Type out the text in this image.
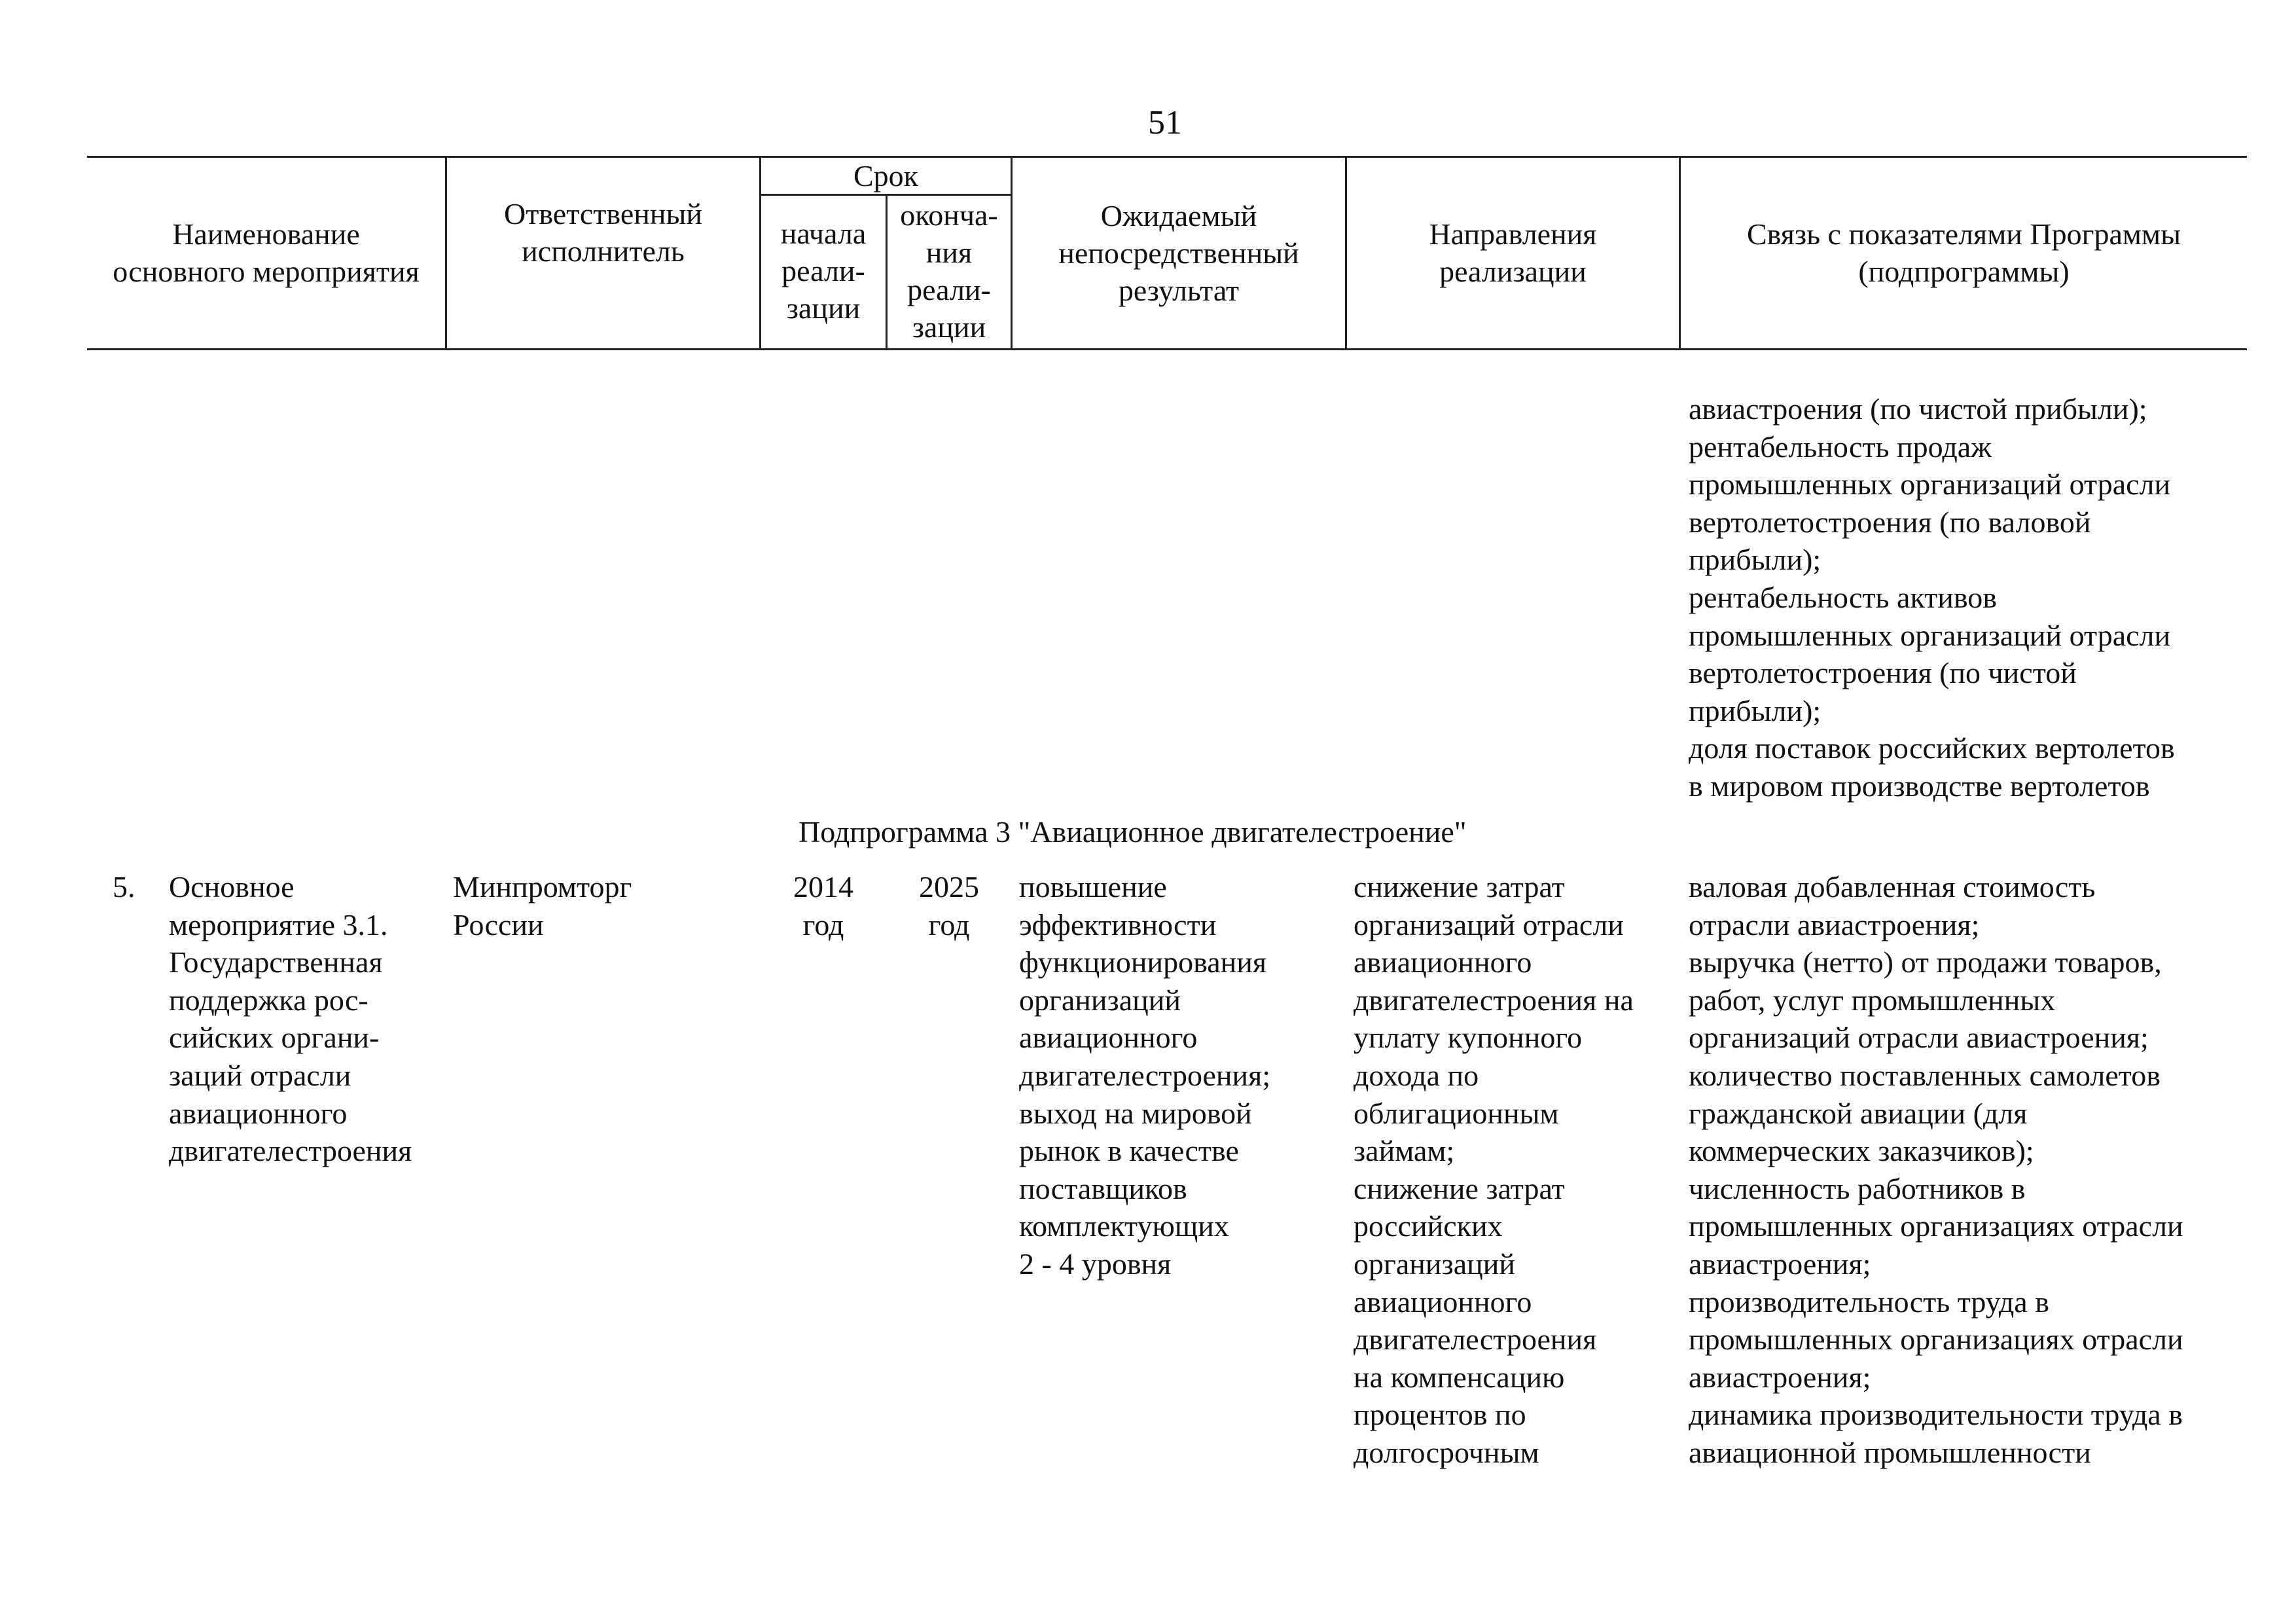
51
Наименование
основного мероприятия
Ответственный
исполнитель
Срок
начала
реали-
зации
оконча-
ния
реали-
зации
Ожидаемый
непосредственный
результат
Направления
реализации
Связь с показателями Программы
(подпрограммы)
авиастроения (по чистой прибыли);
рентабельность продаж
промышленных организаций отрасли
вертолетостроения (по валовой
прибыли);
рентабельность активов
промышленных организаций отрасли
вертолетостроения (по чистой
прибыли);
доля поставок российских вертолетов
в мировом производстве вертолетов
Подпрограмма 3 "Авиационное двигателестроение"
5. Основное
мероприятие 3.1.
Государственная
поддержка рос-
сийских органи-
заций отрасли
авиационного
двигателестроения
Минпромторг
России
2014
год
2025
год
повышение
эффективности
функционирования
организаций
авиационного
двигателестроения;
выход на мировой
рынок в качестве
поставщиков
комплектующих
2 - 4 уровня
снижение затрат
организаций отрасли
авиационного
двигателестроения на
уплату купонного
дохода по
облигационным
займам;
снижение затрат
российских
организаций
авиационного
двигателестроения
на компенсацию
процентов по
долгосрочным
валовая добавленная стоимость
отрасли авиастроения;
выручка (нетто) от продажи товаров,
работ, услуг промышленных
организаций отрасли авиастроения;
количество поставленных самолетов
гражданской авиации (для
коммерческих заказчиков);
численность работников в
промышленных организациях отрасли
авиастроения;
производительность труда в
промышленных организациях отрасли
авиастроения;
динамика производительности труда в
авиационной промышленности
